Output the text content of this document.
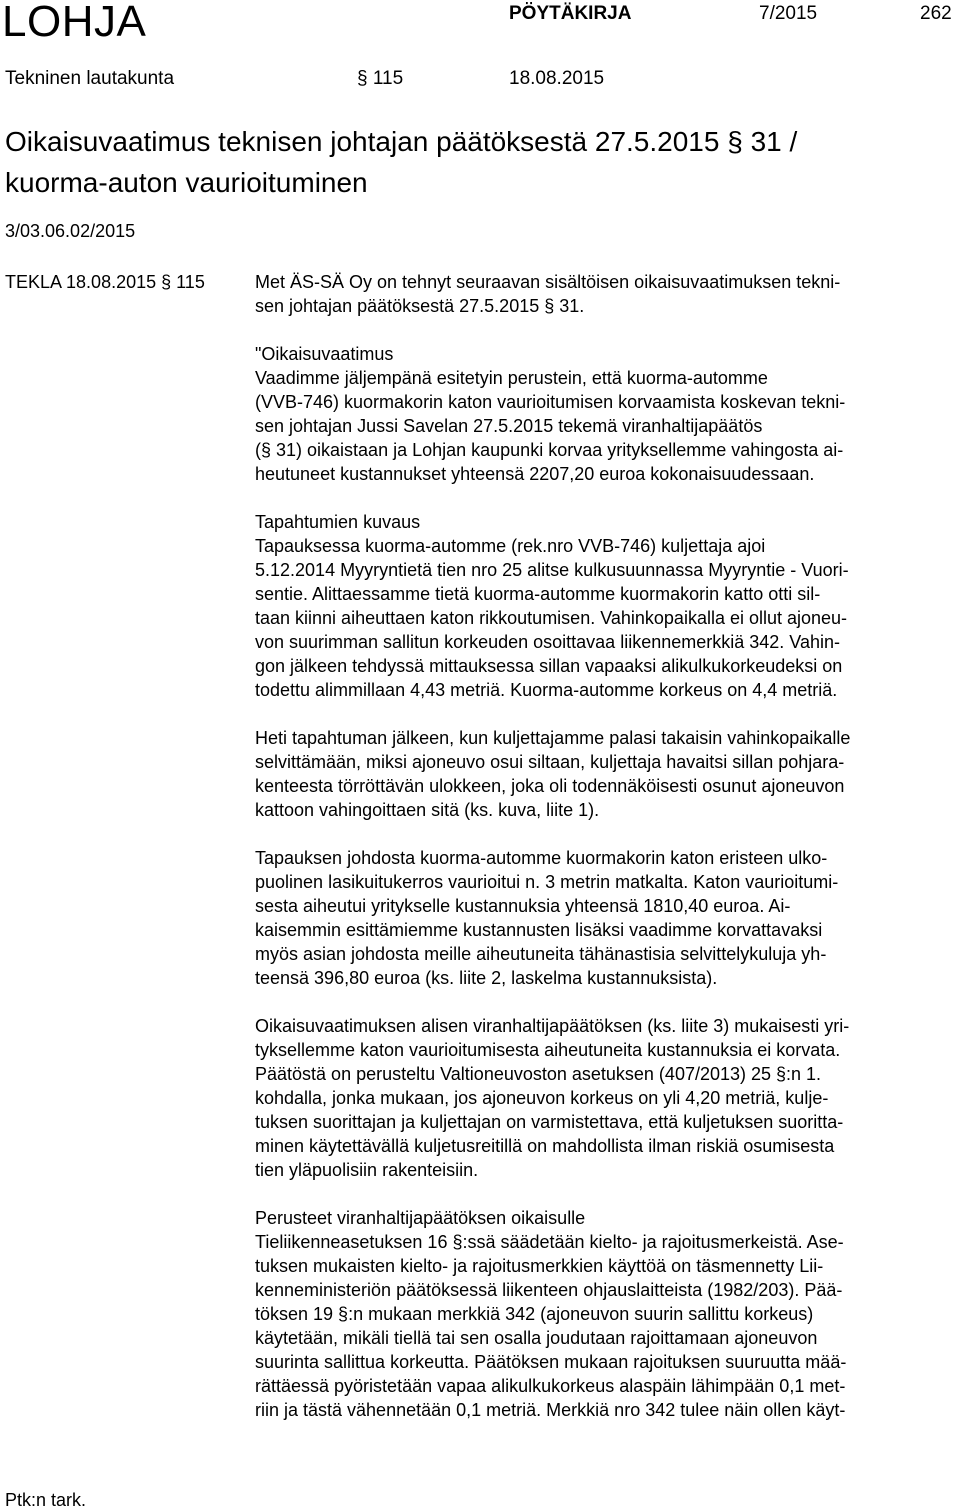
LOHJA	PÖYTÄKIRJA	7/2015	262
Tekninen lautakunta	§ 115	18.08.2015
Oikaisuvaatimus teknisen johtajan päätöksestä 27.5.2015 § 31 /
kuorma-auton vaurioituminen
3/03.06.02/2015
TEKLA 18.08.2015 § 115	Met ÄS-SÄ Oy on tehnyt seuraavan sisältöisen oikaisuvaatimuksen tekni-
sen johtajan päätöksestä 27.5.2015 § 31.

"Oikaisuvaatimus
Vaadimme jäljempänä esitetyin perustein, että kuorma-automme
(VVB-746) kuormakorin katon vaurioitumisen korvaamista koskevan tekni-
sen johtajan Jussi Savelan 27.5.2015 tekemä viranhaltijapäätös
(§ 31) oikaistaan ja Lohjan kaupunki korvaa yrityksellemme vahingosta ai-
heutuneet kustannukset yhteensä 2207,20 euroa kokonaisuudessaan.

Tapahtumien kuvaus
Tapauksessa kuorma-automme (rek.nro VVB-746) kuljettaja ajoi
5.12.2014 Myyryntietä tien nro 25 alitse kulkusuunnassa Myyryntie - Vuori-
sentie. Alittaessamme tietä kuorma-automme kuormakorin katto otti sil-
taan kiinni aiheuttaen katon rikkoutumisen. Vahinkopaikalla ei ollut ajoneu-
von suurimman sallitun korkeuden osoittavaa liikennemerkkiä 342. Vahin-
gon jälkeen tehdyssä mittauksessa sillan vapaaksi alikulkukorkeudeksi on
todettu alimmillaan 4,43 metriä. Kuorma-automme korkeus on 4,4 metriä.

Heti tapahtuman jälkeen, kun kuljettajamme palasi takaisin vahinkopaikalle
selvittämään, miksi ajoneuvo osui siltaan, kuljettaja havaitsi sillan pohjara-
kenteesta törröttävän ulokkeen, joka oli todennäköisesti osunut ajoneuvon
kattoon vahingoittaen sitä (ks. kuva, liite 1).

Tapauksen johdosta kuorma-automme kuormakorin katon eristeen ulko-
puolinen lasikuitukerros vaurioitui n. 3 metrin matkalta. Katon vaurioitumi-
sesta aiheutui yritykselle kustannuksia yhteensä 1810,40 euroa. Ai-
kaisemmin esittämiemme kustannusten lisäksi vaadimme korvattavaksi
myös asian johdosta meille aiheutuneita tähänastisia selvittelykuluja yh-
teensä 396,80 euroa (ks. liite 2, laskelma kustannuksista).

Oikaisuvaatimuksen alisen viranhaltijapäätöksen (ks. liite 3) mukaisesti yri-
tyksellemme katon vaurioitumisesta aiheutuneita kustannuksia ei korvata.
Päätöstä on perusteltu Valtioneuvoston asetuksen (407/2013) 25 §:n 1.
kohdalla, jonka mukaan, jos ajoneuvon korkeus on yli 4,20 metriä, kulje-
tuksen suorittajan ja kuljettajan on varmistettava, että kuljetuksen suoritta-
minen käytettävällä kuljetusreitillä on mahdollista ilman riskiä osumisesta
tien yläpuolisiin rakenteisiin.

Perusteet viranhaltijapäätöksen oikaisulle
Tieliikenneasetuksen 16 §:ssä säädetään kielto- ja rajoitusmerkeistä. Ase-
tuksen mukaisten kielto- ja rajoitusmerkkien käyttöä on täsmennetty Lii-
kenneministeriön päätöksessä liikenteen ohjauslaitteista (1982/203). Pää-
töksen 19 §:n mukaan merkkiä 342 (ajoneuvon suurin sallittu korkeus)
käytetään, mikäli tiellä tai sen osalla joudutaan rajoittamaan ajoneuvon
suurinta sallittua korkeutta. Päätöksen mukaan rajoituksen suuruutta mää-
rättäessä pyöristetään vapaa alikulkukorkeus alaspäin lähimpään 0,1 met-
riin ja tästä vähennetään 0,1 metriä. Merkkiä nro 342 tulee näin ollen käyt-

Ptk:n tark.
